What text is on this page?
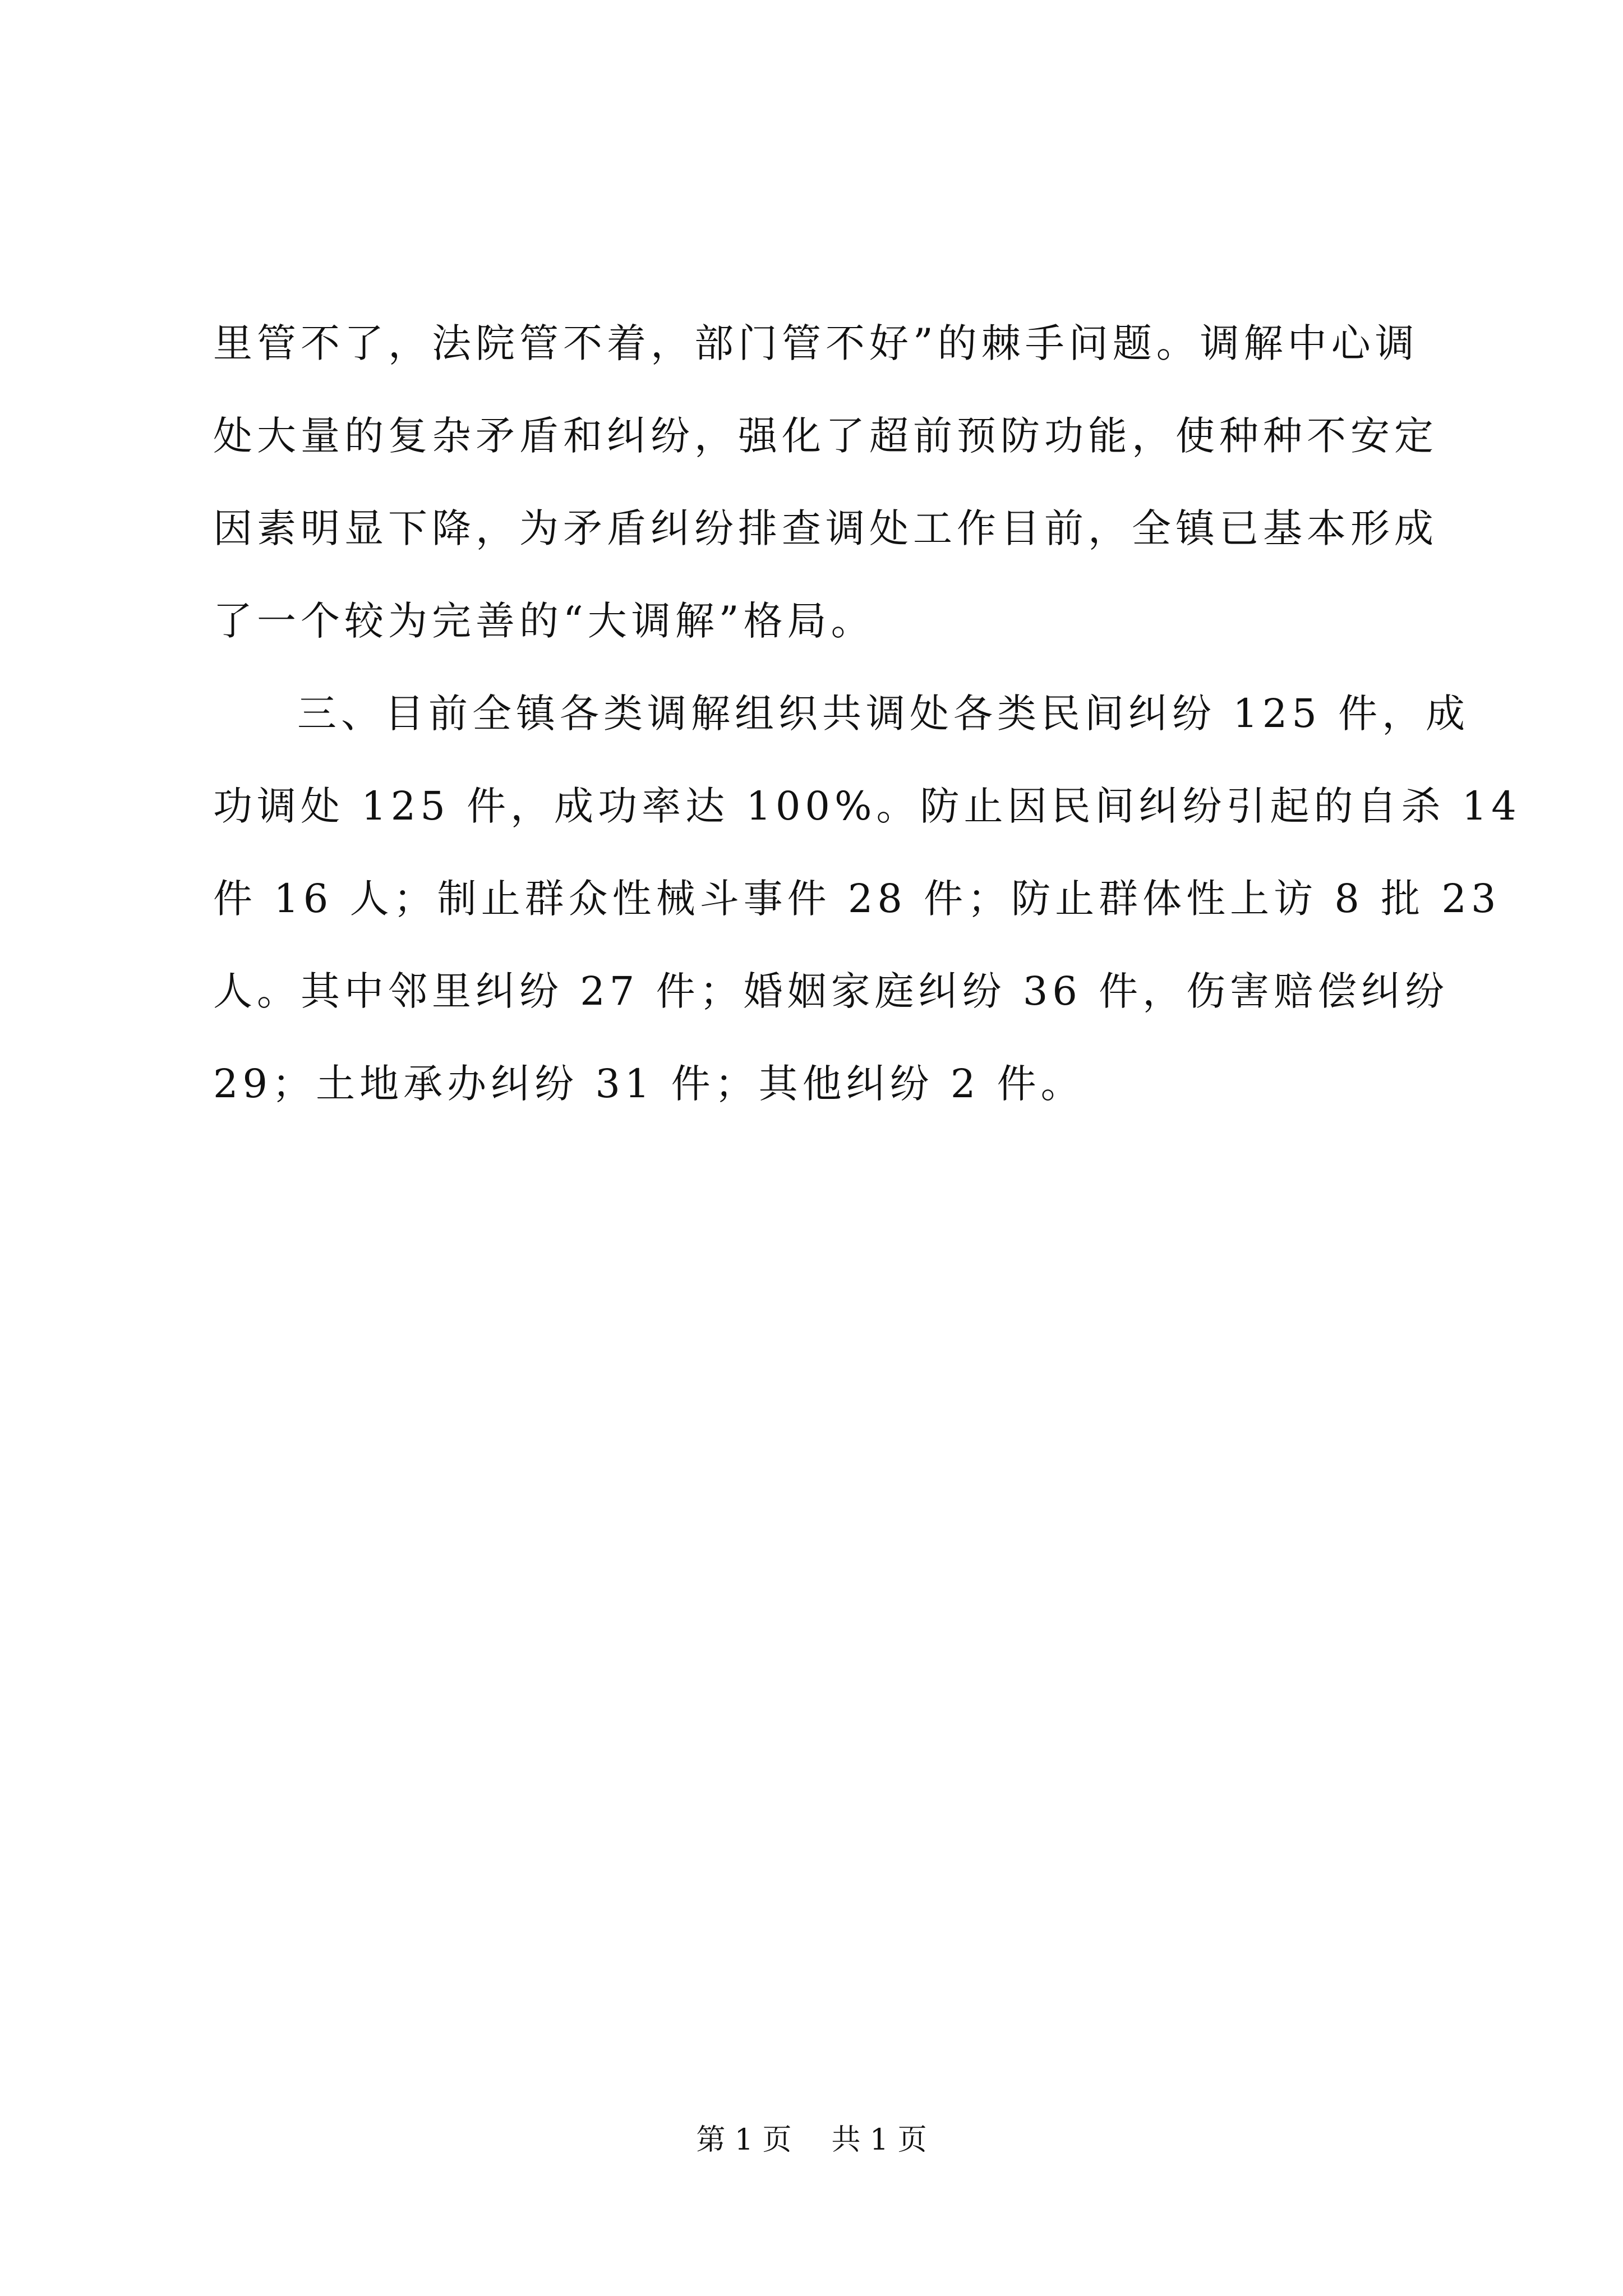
里管不了，法院管不着，部门管不好”的棘手问题。调解中心调
处大量的复杂矛盾和纠纷，强化了超前预防功能，使种种不安定
因素明显下降，为矛盾纠纷排查调处工作目前，全镇已基本形成
了一个较为完善的“大调解”格局。
三、目前全镇各类调解组织共调处各类民间纠纷 125 件，成
功调处 125 件，成功率达 100%。防止因民间纠纷引起的自杀 14
件 16 人；制止群众性械斗事件 28 件；防止群体性上访 8 批 23
人。其中邻里纠纷 27 件；婚姻家庭纠纷 36 件，伤害赔偿纠纷
29；土地承办纠纷 31 件；其他纠纷 2 件。
第 1 页 共 1 页
